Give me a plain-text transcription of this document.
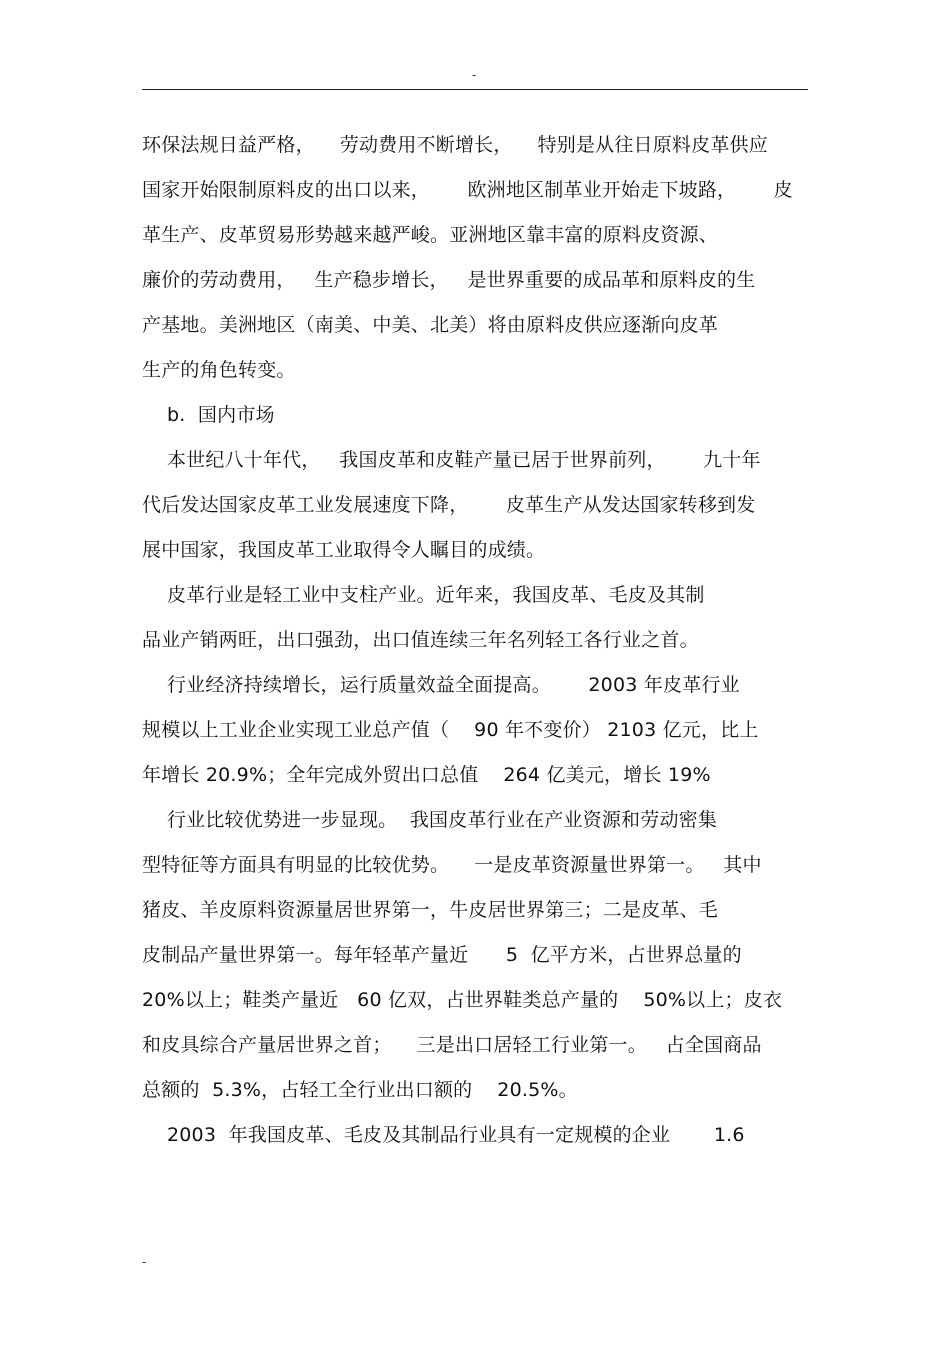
-
环保法规日益严格，    劳动费用不断增长，    特别是从往日原料皮革供应
国家开始限制原料皮的出口以来，      欧洲地区制革业开始走下坡路，      皮
革生产、皮革贸易形势越来越严峻。亚洲地区靠丰富的原料皮资源、
廉价的劳动费用，   生产稳步增长，   是世界重要的成品革和原料皮的生
产基地。美洲地区（南美、中美、北美）将由原料皮供应逐渐向皮革
生产的角色转变。
b.  国内市场
本世纪八十年代，   我国皮革和皮鞋产量已居于世界前列，      九十年
代后发达国家皮革工业发展速度下降，      皮革生产从发达国家转移到发
展中国家，我国皮革工业取得令人瞩目的成绩。
皮革行业是轻工业中支柱产业。近年来，我国皮革、毛皮及其制
品业产销两旺，出口强劲，出口值连续三年名列轻工各行业之首。
行业经济持续增长，运行质量效益全面提高。      2003 年皮革行业
规模以上工业企业实现工业总产值（    90 年不变价） 2103 亿元，比上
年增长 20.9%；全年完成外贸出口总值    264 亿美元，增长 19%
行业比较优势进一步显现。  我国皮革行业在产业资源和劳动密集
型特征等方面具有明显的比较优势。    一是皮革资源量世界第一。   其中
猪皮、羊皮原料资源量居世界第一，牛皮居世界第三；二是皮革、毛
皮制品产量世界第一。每年轻革产量近      5  亿平方米，占世界总量的
20%以上；鞋类产量近   60 亿双，占世界鞋类总产量的    50%以上；皮衣
和皮具综合产量居世界之首；    三是出口居轻工行业第一。   占全国商品
总额的  5.3%，占轻工全行业出口额的    20.5%。
2003  年我国皮革、毛皮及其制品行业具有一定规模的企业       1.6
-
